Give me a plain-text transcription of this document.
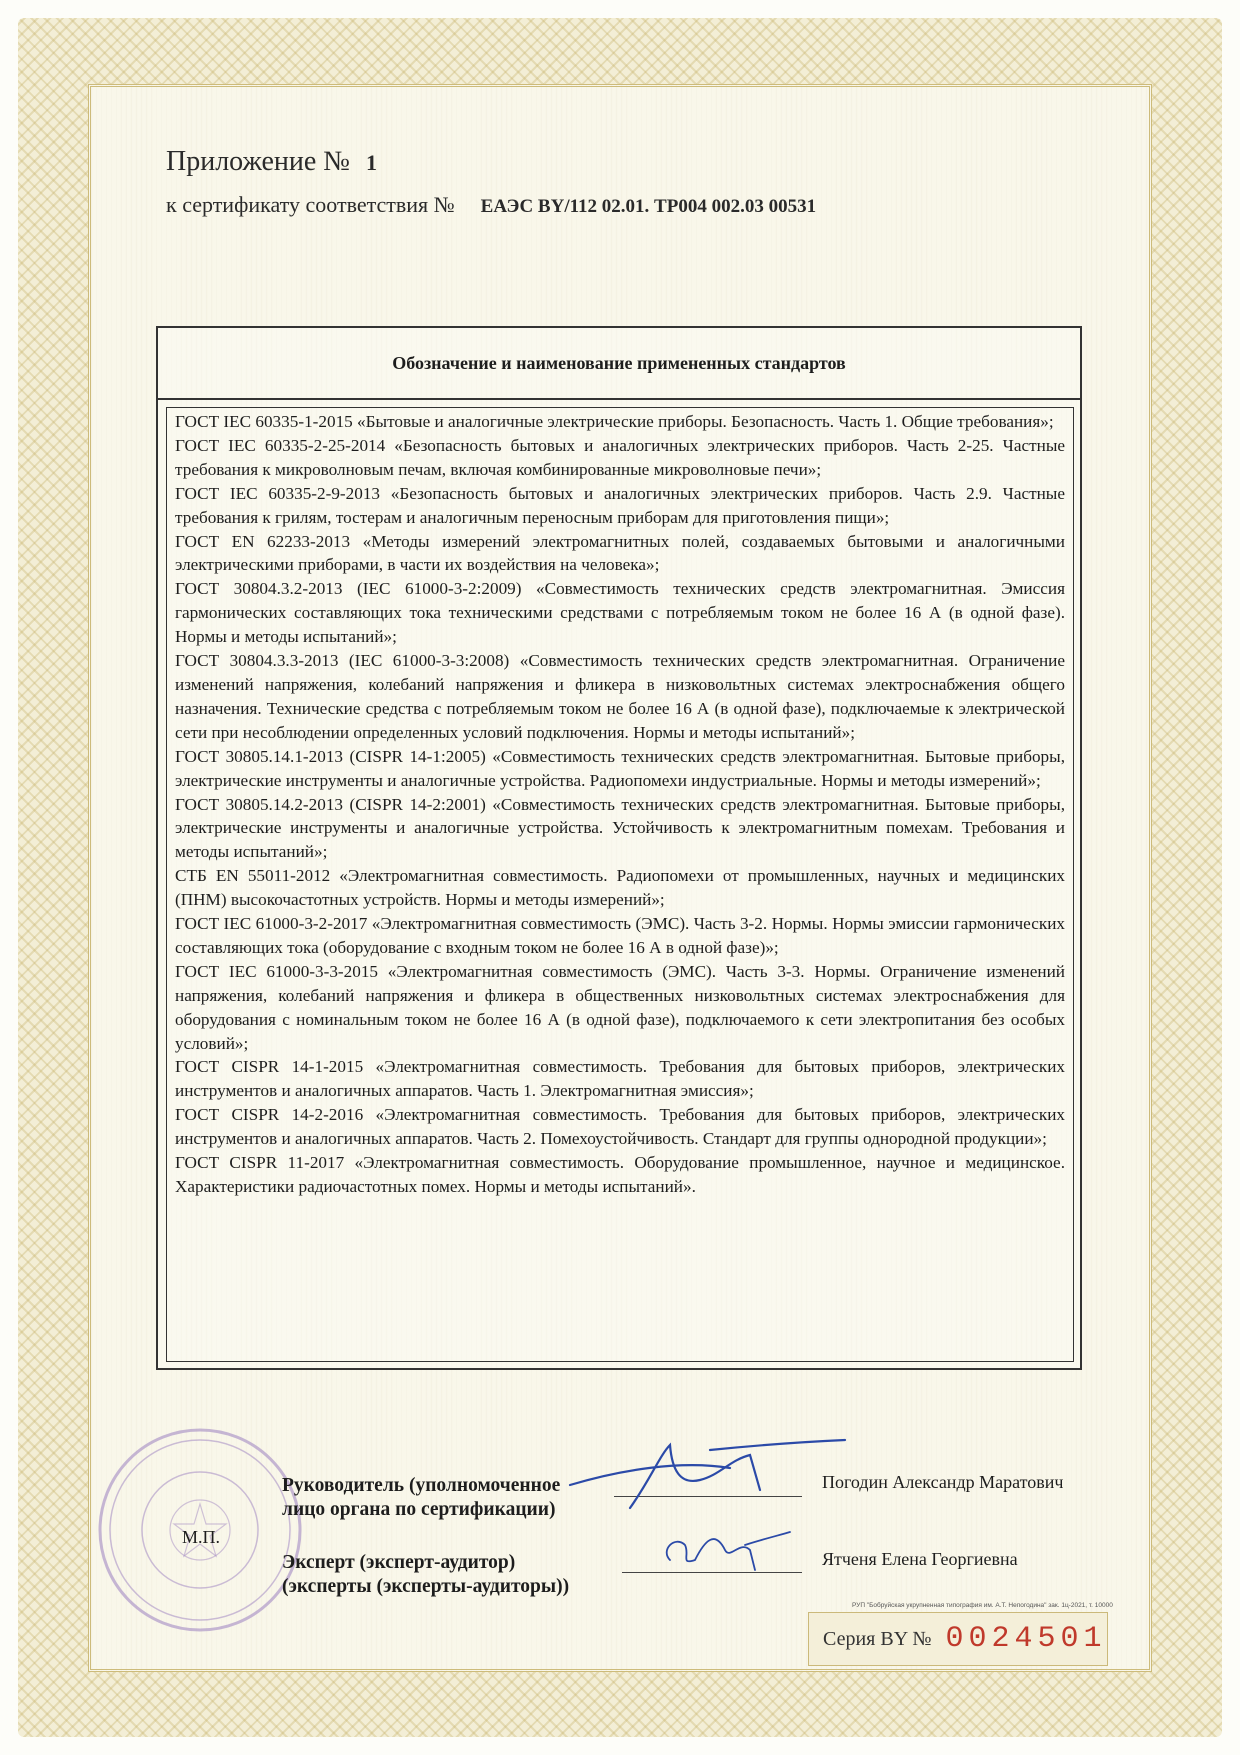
Приложение № 1
к сертификату соответствия № ЕАЭС BY/112 02.01. ТР004 002.03 00531
Обозначение и наименование примененных стандартов

ГОСТ IEC 60335-1-2015 «Бытовые и аналогичные электрические приборы. Безопасность. Часть 1. Общие требования»;

ГОСТ IEC 60335-2-25-2014 «Безопасность бытовых и аналогичных электрических приборов. Часть 2-25. Частные требования к микроволновым печам, включая комбинированные микроволновые печи»;

ГОСТ IEC 60335-2-9-2013 «Безопасность бытовых и аналогичных электрических приборов. Часть 2.9. Частные требования к грилям, тостерам и аналогичным переносным приборам для приготовления пищи»;

ГОСТ EN 62233-2013 «Методы измерений электромагнитных полей, создаваемых бытовыми и аналогичными электрическими приборами, в части их воздействия на человека»;

ГОСТ 30804.3.2-2013 (IEC 61000-3-2:2009) «Совместимость технических средств электромагнитная. Эмиссия гармонических составляющих тока техническими средствами с потребляемым током не более 16 А (в одной фазе). Нормы и методы испытаний»;

ГОСТ 30804.3.3-2013 (IEC 61000-3-3:2008) «Совместимость технических средств электромагнитная. Ограничение изменений напряжения, колебаний напряжения и фликера в низковольтных системах электроснабжения общего назначения. Технические средства с потребляемым током не более 16 А (в одной фазе), подключаемые к электрической сети при несоблюдении определенных условий подключения. Нормы и методы испытаний»;

ГОСТ 30805.14.1-2013 (CISPR 14-1:2005) «Совместимость технических средств электромагнитная. Бытовые приборы, электрические инструменты и аналогичные устройства. Радиопомехи индустриальные. Нормы и методы измерений»;

ГОСТ 30805.14.2-2013 (CISPR 14-2:2001) «Совместимость технических средств электромагнитная. Бытовые приборы, электрические инструменты и аналогичные устройства. Устойчивость к электромагнитным помехам. Требования и методы испытаний»;

СТБ EN 55011-2012 «Электромагнитная совместимость. Радиопомехи от промышленных, научных и медицинских (ПНМ) высокочастотных устройств. Нормы и методы измерений»;

ГОСТ IEC 61000-3-2-2017 «Электромагнитная совместимость (ЭМС). Часть 3-2. Нормы. Нормы эмиссии гармонических составляющих тока (оборудование с входным током не более 16 А в одной фазе)»;

ГОСТ IEC 61000-3-3-2015 «Электромагнитная совместимость (ЭМС). Часть 3-3. Нормы. Ограничение изменений напряжения, колебаний напряжения и фликера в общественных низковольтных системах электроснабжения для оборудования с номинальным током не более 16 А (в одной фазе), подключаемого к сети электропитания без особых условий»;

ГОСТ CISPR 14-1-2015 «Электромагнитная совместимость. Требования для бытовых приборов, электрических инструментов и аналогичных аппаратов. Часть 1. Электромагнитная эмиссия»;

ГОСТ CISPR 14-2-2016 «Электромагнитная совместимость. Требования для бытовых приборов, электрических инструментов и аналогичных аппаратов. Часть 2. Помехоустойчивость. Стандарт для группы однородной продукции»;

ГОСТ CISPR 11-2017 «Электромагнитная совместимость. Оборудование промышленное, научное и медицинское. Характеристики радиочастотных помех. Нормы и методы испытаний».

М.П.
Руководитель (уполномоченное
лицо органа по сертификации)
Погодин Александр Маратович
Эксперт (эксперт-аудитор)
(эксперты (эксперты-аудиторы))
Ятченя Елена Георгиевна
РУП "Бобруйская укрупненная типография им. А.Т. Непогодина" зак. 1ц-2021, т. 10000
Серия BY № 0024501
